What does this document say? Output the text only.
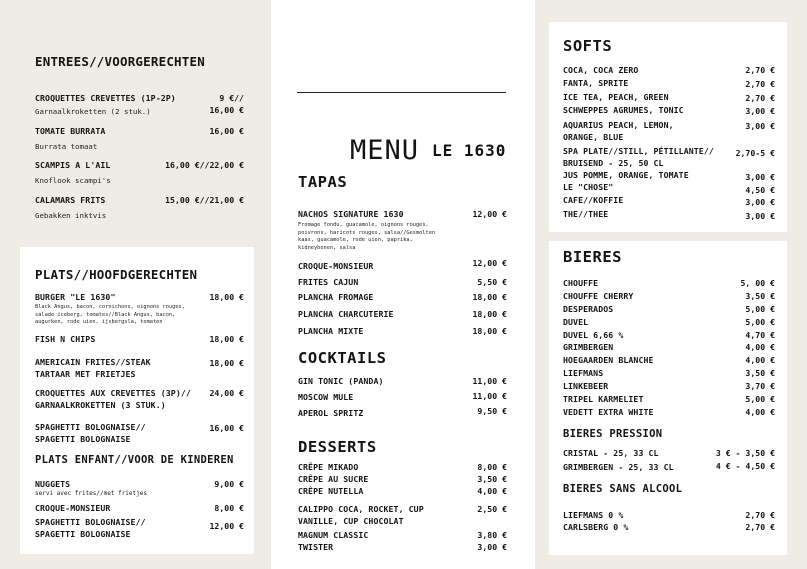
ENTREES//VOORGERECHTEN
CROQUETTES CREVETTES (1P-2P)	9 €//
Garnaalkroketten (2 stuk.)	16,00 €
TOMATE BURRATA	16,00 €
Burrata tomaat
SCAMPIS A L'AIL	16,00 €//22,00 €
Knoflook scampi's
CALAMARS FRITS	15,00 €//21,00 €
Gebakken inktvis
PLATS//HOOFDGERECHTEN
BURGER "LE 1630"	18,00 €
Black Angus, bacon, cornichons, oignons rouges, salade iceberg, tomates//Black Angus, bacon, augurken, rode uien, ijsbergsla, tomaten
FISH N CHIPS	18,00 €
AMERICAIN FRITES//STEAK
TARTAAR MET FRIETJES
18,00 €
CROQUETTES AUX CREVETTES (3P)//
GARNAALKROKETTEN (3 STUK.)
24,00 €
SPAGHETTI BOLOGNAISE//
SPAGETTI BOLOGNAISE
16,00 €
PLATS ENFANT//VOOR DE KINDEREN
NUGGETS	9,00 €
servi avec frites//met frietjes
CROQUE-MONSIEUR	8,00 €
SPAGHETTI BOLOGNAISE//
SPAGETTI BOLOGNAISE
12,00 €
MENU LE 1630
TAPAS
NACHOS SIGNATURE 1630	12,00 €
Fromage fondu, guacamole, oignons rouges, poivrons, haricots rouges, salsa//Gesmolten kaas, guacamole, rode uien, paprika, kidneybonen, salsa
CROQUE-MONSIEUR	12,00 €
FRITES CAJUN	5,50 €
PLANCHA FROMAGE	18,00 €
PLANCHA CHARCUTERIE	18,00 €
PLANCHA MIXTE	18,00 €
COCKTAILS
GIN TONIC (PANDA)	11,00 €
MOSCOW MULE	11,00 €
APEROL SPRITZ	9,50 €
DESSERTS
CRÊPE MIKADO	8,00 €
CRÊPE AU SUCRE	3,50 €
CRÊPE NUTELLA	4,00 €
CALIPPO COCA, ROCKET, CUP
VANILLE, CUP CHOCOLAT
2,50 €
MAGNUM CLASSIC	3,80 €
TWISTER	3,00 €
SOFTS
COCA, COCA ZERO	2,70 €
FANTA, SPRITE	2,70 €
ICE TEA, PEACH, GREEN	2,70 €
SCHWEPPES AGRUMES, TONIC	3,00 €
AQUARIUS PEACH, LEMON,
ORANGE, BLUE
3,00 €
SPA PLATE//STILL, PÉTILLANTE//
BRUISEND - 25, 50 CL
2,70-5 €
JUS POMME, ORANGE, TOMATE	3,00 €
LE "CHOSE"	4,50 €
CAFE//KOFFIE	3,00 €
THE//THEE	3,00 €
BIERES
CHOUFFE	5, 00 €
CHOUFFE CHERRY	3,50 €
DESPERADOS	5,00 €
DUVEL	5,00 €
DUVEL 6,66 %	4,70 €
GRIMBERGEN	4,00 €
HOEGAARDEN BLANCHE	4,00 €
LIEFMANS	3,50 €
LINKEBEER	3,70 €
TRIPEL KARMELIET	5,00 €
VEDETT EXTRA WHITE	4,00 €
BIERES PRESSION
CRISTAL - 25, 33 CL	3 € - 3,50 €
GRIMBERGEN - 25, 33 CL	4 € - 4,50 €
BIERES SANS ALCOOL
LIEFMANS 0 %	2,70 €
CARLSBERG 0 %	2,70 €
